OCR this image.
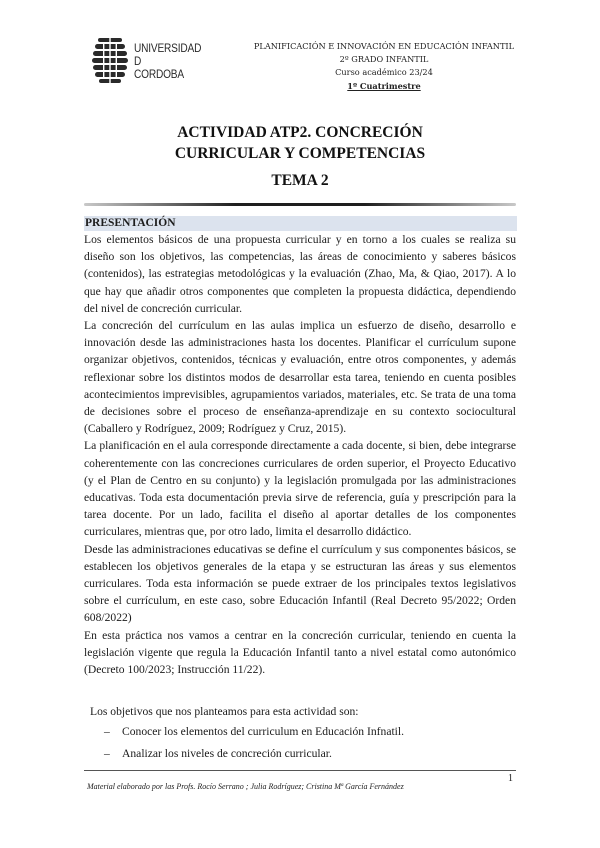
UNIVERSIDAD
D
CORDOBA
PLANIFICACIÓN E INNOVACIÓN EN EDUCACIÓN INFANTIL
2º GRADO INFANTIL
Curso académico 23/24
1º Cuatrimestre
ACTIVIDAD ATP2. CONCRECIÓN
CURRICULAR Y COMPETENCIAS
TEMA 2
PRESENTACIÓN

Los elementos básicos de una propuesta curricular y en torno a los cuales se realiza su diseño son los objetivos, las competencias, las áreas de conocimiento y saberes básicos (contenidos), las estrategias metodológicas y la evaluación (Zhao, Ma, & Qiao, 2017). A lo que hay que añadir otros componentes que completen la propuesta didáctica, dependiendo del nivel de concreción curricular.

La concreción del currículum en las aulas implica un esfuerzo de diseño, desarrollo e innovación desde las administraciones hasta los docentes. Planificar el currículum supone organizar objetivos, contenidos, técnicas y evaluación, entre otros componentes, y además reflexionar sobre los distintos modos de desarrollar esta tarea, teniendo en cuenta posibles acontecimientos imprevisibles, agrupamientos variados, materiales, etc. Se trata de una toma de decisiones sobre el proceso de enseñanza-aprendizaje en su contexto sociocultural (Caballero y Rodríguez, 2009; Rodríguez y Cruz, 2015).

La planificación en el aula corresponde directamente a cada docente, si bien, debe integrarse coherentemente con las concreciones curriculares de orden superior, el Proyecto Educativo (y el Plan de Centro en su conjunto) y la legislación promulgada por las administraciones educativas. Toda esta documentación previa sirve de referencia, guía y prescripción para la tarea docente. Por un lado, facilita el diseño al aportar detalles de los componentes curriculares, mientras que, por otro lado, limita el desarrollo didáctico.

Desde las administraciones educativas se define el currículum y sus componentes básicos, se establecen los objetivos generales de la etapa y se estructuran las áreas y sus elementos curriculares. Toda esta información se puede extraer de los principales textos legislativos sobre el currículum, en este caso, sobre Educación Infantil (Real Decreto 95/2022; Orden 608/2022)

En esta práctica nos vamos a centrar en la concreción curricular, teniendo en cuenta la legislación vigente que regula la Educación Infantil tanto a nivel estatal como autonómico (Decreto 100/2023; Instrucción 11/22).

Los objetivos que nos planteamos para esta actividad son:
– Conocer los elementos del curriculum en Educación Infnatil.
– Analizar los niveles de concreción curricular.
1
Material elaborado por las Profs. Rocío Serrano ; Julia Rodríguez; Cristina Mª García Fernández
